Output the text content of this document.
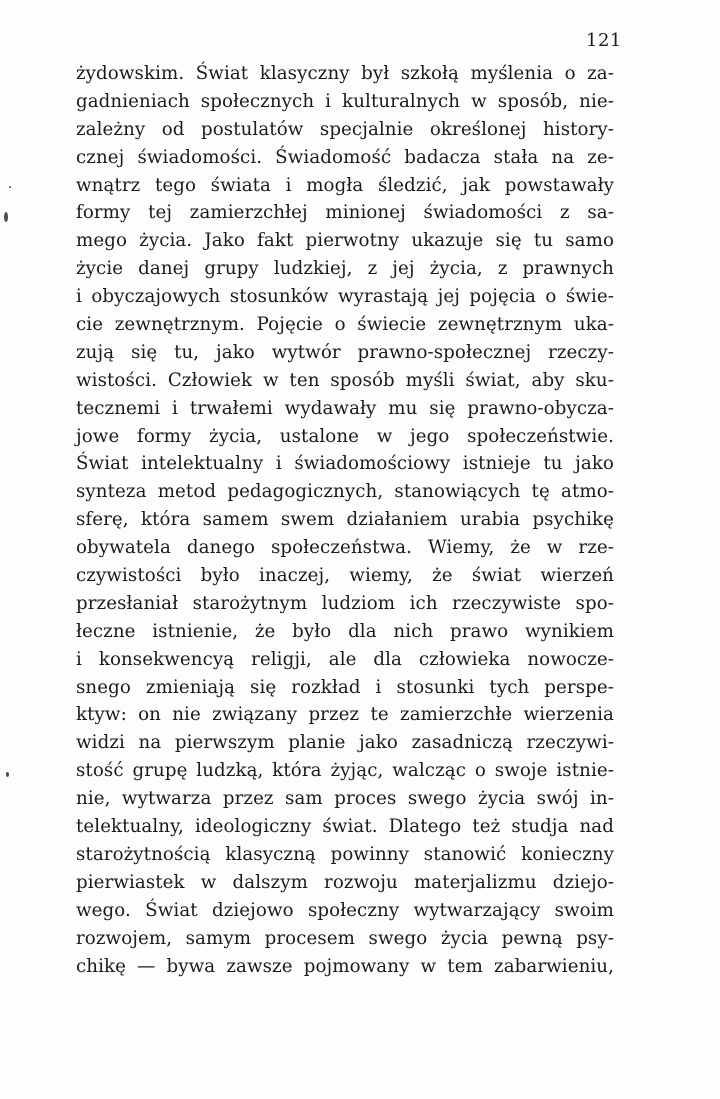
121
żydowskim. Świat klasyczny był szkołą myślenia o za-
gadnieniach społecznych i kulturalnych w sposób, nie-
zależny od postulatów specjalnie określonej history-
cznej świadomości. Świadomość badacza stała na ze-
wnątrz tego świata i mogła śledzić, jak powstawały
formy tej zamierzchłej minionej świadomości z sa-
mego życia. Jako fakt pierwotny ukazuje się tu samo
życie danej grupy ludzkiej, z jej życia, z prawnych
i obyczajowych stosunków wyrastają jej pojęcia o świe-
cie zewnętrznym. Pojęcie o świecie zewnętrznym uka-
zują się tu, jako wytwór prawno-społecznej rzeczy-
wistości. Człowiek w ten sposób myśli świat, aby sku-
tecznemi i trwałemi wydawały mu się prawno-obycza-
jowe formy życia, ustalone w jego społeczeństwie.
Świat intelektualny i świadomościowy istnieje tu jako
synteza metod pedagogicznych, stanowiących tę atmo-
sferę, która samem swem działaniem urabia psychikę
obywatela danego społeczeństwa. Wiemy, że w rze-
czywistości było inaczej, wiemy, że świat wierzeń
przesłaniał starożytnym ludziom ich rzeczywiste spo-
łeczne istnienie, że było dla nich prawo wynikiem
i konsekwencyą religji, ale dla człowieka nowocze-
snego zmieniają się rozkład i stosunki tych perspe-
ktyw: on nie związany przez te zamierzchłe wierzenia
widzi na pierwszym planie jako zasadniczą rzeczywi-
stość grupę ludzką, która żyjąc, walcząc o swoje istnie-
nie, wytwarza przez sam proces swego życia swój in-
telektualny, ideologiczny świat. Dlatego też studja nad
starożytnością klasyczną powinny stanowić konieczny
pierwiastek w dalszym rozwoju materjalizmu dziejo-
wego. Świat dziejowo społeczny wytwarzający swoim
rozwojem, samym procesem swego życia pewną psy-
chikę — bywa zawsze pojmowany w tem zabarwieniu,
